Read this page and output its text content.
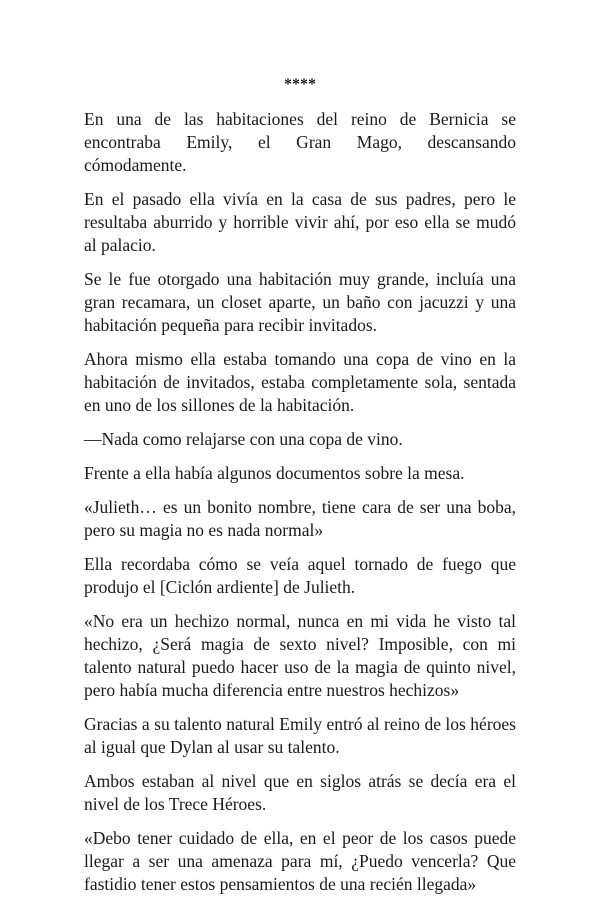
****

En una de las habitaciones del reino de Bernicia se encontraba Emily, el Gran Mago, descansando cómodamente.

En el pasado ella vivía en la casa de sus padres, pero le resultaba aburrido y horrible vivir ahí, por eso ella se mudó al palacio.

Se le fue otorgado una habitación muy grande, incluía una gran recamara, un closet aparte, un baño con jacuzzi y una habitación pequeña para recibir invitados.

Ahora mismo ella estaba tomando una copa de vino en la habitación de invitados, estaba completamente sola, sentada en uno de los sillones de la habitación.

—Nada como relajarse con una copa de vino.

Frente a ella había algunos documentos sobre la mesa.

«Julieth… es un bonito nombre, tiene cara de ser una boba, pero su magia no es nada normal»

Ella recordaba cómo se veía aquel tornado de fuego que produjo el [Ciclón ardiente] de Julieth.

«No era un hechizo normal, nunca en mi vida he visto tal hechizo, ¿Será magia de sexto nivel? Imposible, con mi talento natural puedo hacer uso de la magia de quinto nivel, pero había mucha diferencia entre nuestros hechizos»

Gracias a su talento natural Emily entró al reino de los héroes al igual que Dylan al usar su talento.

Ambos estaban al nivel que en siglos atrás se decía era el nivel de los Trece Héroes.

«Debo tener cuidado de ella, en el peor de los casos puede llegar a ser una amenaza para mí, ¿Puedo vencerla? Que fastidio tener estos pensamientos de una recién llegada»
